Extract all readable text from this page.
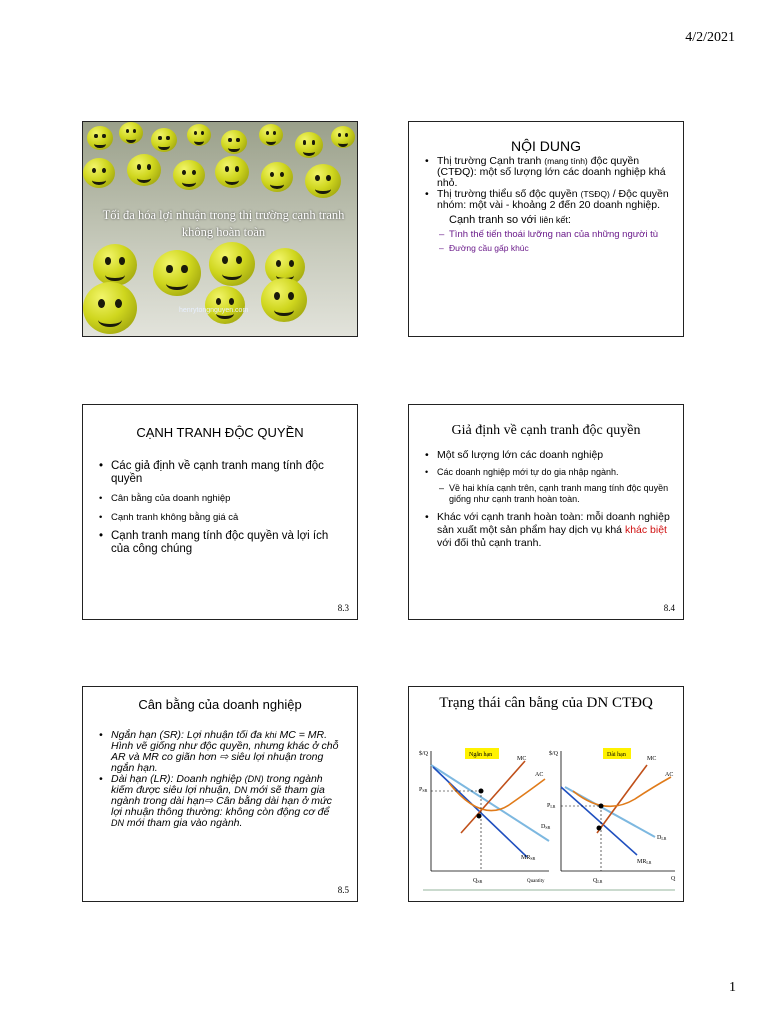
4/2/2021
Tối đa hóa lợi nhuận trong thị trường cạnh tranh không hoàn toàn
henrytongnguyen.com
NỘI DUNG
• Thị trường Cạnh tranh (mang tính) độc quyền (CTĐQ): một số lượng lớn các doanh nghiệp khá nhỏ.
• Thị trường thiểu số độc quyền (TSĐQ) / Độc quyền nhóm: một vài - khoảng 2 đến 20 doanh nghiệp.
Cạnh tranh so với liên kết:
– Tình thế tiến thoái lưỡng nan của những người tù
– Đường cầu gấp khúc
CẠNH TRANH ĐỘC QUYỀN
• Các giả định về cạnh tranh mang tính độc quyền
• Cân bằng của doanh nghiệp
• Cạnh tranh không bằng giá cả
• Cạnh tranh mang tính độc quyền và lợi ích của công chúng
8.3
Giả định về cạnh tranh độc quyền
• Một số lượng lớn các doanh nghiệp
• Các doanh nghiệp mới tự do gia nhập ngành.
– Về hai khía cạnh trên, cạnh tranh mang tính độc quyền giống như cạnh tranh hoàn toàn.
• Khác với cạnh tranh hoàn toàn: mỗi doanh nghiệp sản xuất một sản phẩm hay dịch vụ khá khác biệt với đối thủ cạnh tranh.
8.4
Cân bằng của doanh nghiệp
• Ngắn hạn (SR): Lợi nhuận tối đa khi MC = MR. Hình vẽ giống như độc quyền, nhưng khác ở chỗ AR và MR co giãn hơn ⇨ siêu lợi nhuận trong ngắn hạn.
• Dài hạn (LR): Doanh nghiệp (DN) trong ngành kiếm được siêu lợi nhuận, DN mới sẽ tham gia ngành trong dài hạn⇨ Cân bằng dài hạn ở mức lợi nhuận thông thường: không còn động cơ để DN mới tham gia vào ngành.
8.5
Trạng thái cân bằng của DN CTĐQ
$/Q	Ngắn hạn
MC
AC
PSR
DSR
MRSR
QSR	Quantity
$/Q	Dài hạn
MC
AC
PLR
DLR
MRLR
QLR	Q
1
